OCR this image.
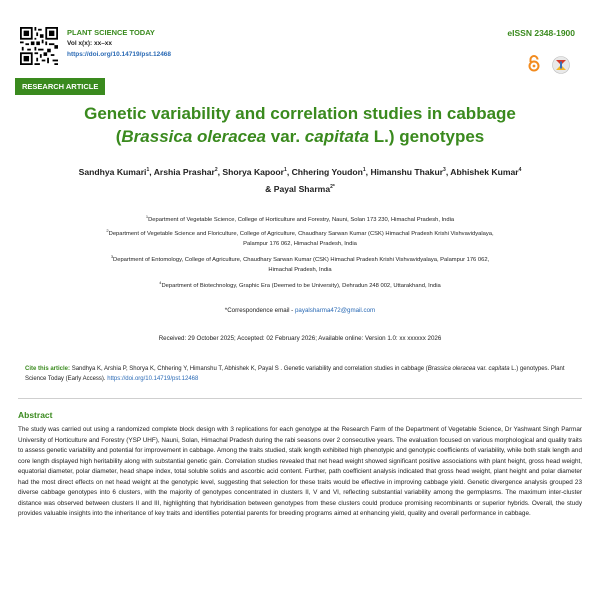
PLANT SCIENCE TODAY
Vol x(x): xx–xx
https://doi.org/10.14719/pst.12468
eISSN 2348-1900
RESEARCH ARTICLE
Genetic variability and correlation studies in cabbage
(Brassica oleracea var. capitata L.) genotypes
Sandhya Kumari$^1$, Arshia Prashar$^2$, Shorya Kapoor$^1$, Chhering Youdon$^1$, Himanshu Thakur$^3$, Abhishek Kumar$^4$
& Payal Sharma$^{2*}$
$^1$Department of Vegetable Science, College of Horticulture and Forestry, Nauni, Solan 173 230, Himachal Pradesh, India
$^2$Department of Vegetable Science and Floriculture, College of Agriculture, Chaudhary Sarwan Kumar (CSK) Himachal Pradesh Krishi Vishvavidyalaya,
Palampur 176 062, Himachal Pradesh, India
$^3$Department of Entomology, College of Agriculture, Chaudhary Sarwan Kumar (CSK) Himachal Pradesh Krishi Vishvavidyalaya, Palampur 176 062,
Himachal Pradesh, India
$^4$Department of Biotechnology, Graphic Era (Deemed to be University), Dehradun 248 002, Uttarakhand, India
*Correspondence email - payalsharma472@gmail.com
Received: 29 October 2025; Accepted: 02 February 2026; Available online: Version 1.0: xx xxxxxx 2026
Cite this article: Sandhya K, Arshia P, Shorya K, Chhering Y, Himanshu T, Abhishek K, Payal S . Genetic variability and correlation studies in cabbage (Brassica oleracea var. capitata L.) genotypes. Plant Science Today (Early Access). https://doi.org/10.14719/pst.12468
Abstract
The study was carried out using a randomized complete block design with 3 replications for each genotype at the Research Farm of the Department of Vegetable Science, Dr Yashwant Singh Parmar University of Horticulture and Forestry (YSP UHF), Nauni, Solan, Himachal Pradesh during the rabi seasons over 2 consecutive years. The evaluation focused on various morphological and quality traits to assess genetic variability and potential for improvement in cabbage. Among the traits studied, stalk length exhibited high phenotypic and genotypic coefficients of variability, while both stalk length and core length displayed high heritability along with substantial genetic gain. Correlation studies revealed that net head weight showed significant positive associations with plant height, gross head weight, equatorial diameter, polar diameter, head shape index, total soluble solids and ascorbic acid content. Further, path coefficient analysis indicated that gross head weight, plant height and polar diameter had the most direct effects on net head weight at the genotypic level, suggesting that selection for these traits would be effective in improving cabbage yield. Genetic divergence analysis grouped 23 diverse cabbage genotypes into 6 clusters, with the majority of genotypes concentrated in clusters II, V and VI, reflecting substantial variability among the germplasms. The maximum inter-cluster distance was observed between clusters II and III, highlighting that hybridisation between genotypes from these clusters could produce promising recombinants or superior hybrids. Overall, the study provides valuable insights into the inheritance of key traits and identifies potential parents for breeding programs aimed at enhancing yield, quality and overall performance in cabbage.
